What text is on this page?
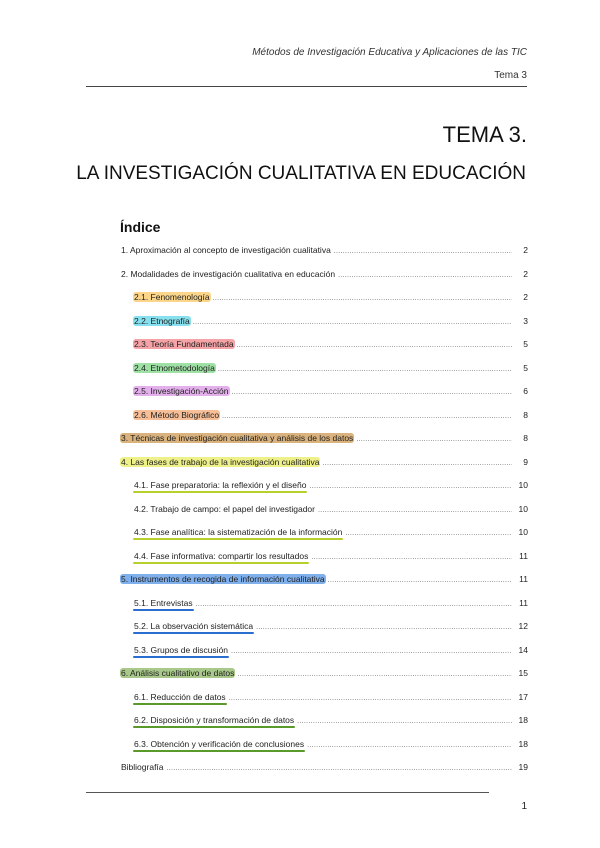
Métodos de Investigación Educativa y Aplicaciones de las TIC
Tema 3
TEMA 3.
LA INVESTIGACIÓN CUALITATIVA EN EDUCACIÓN
Índice
1. Aproximación al concepto de investigación cualitativa .....	2
2. Modalidades de investigación cualitativa en educación .....	2
2.1. Fenomenología .....	2
2.2. Etnografía .....	3
2.3. Teoría Fundamentada .....	5
2.4. Etnometodología .....	5
2.5. Investigación-Acción .....	6
2.6. Método Biográfico .....	8
3. Técnicas de investigación cualitativa y análisis de los datos .....	8
4. Las fases de trabajo de la investigación cualitativa .....	9
4.1. Fase preparatoria: la reflexión y el diseño .....	10
4.2. Trabajo de campo: el papel del investigador .....	10
4.3. Fase analítica: la sistematización de la información .....	10
4.4. Fase informativa: compartir los resultados .....	11
5. Instrumentos de recogida de información cualitativa .....	11
5.1. Entrevistas .....	11
5.2. La observación sistemática .....	12
5.3. Grupos de discusión .....	14
6. Análisis cualitativo de datos .....	15
6.1. Reducción de datos .....	17
6.2. Disposición y transformación de datos .....	18
6.3. Obtención y verificación de conclusiones .....	18
Bibliografía .....	19
1
